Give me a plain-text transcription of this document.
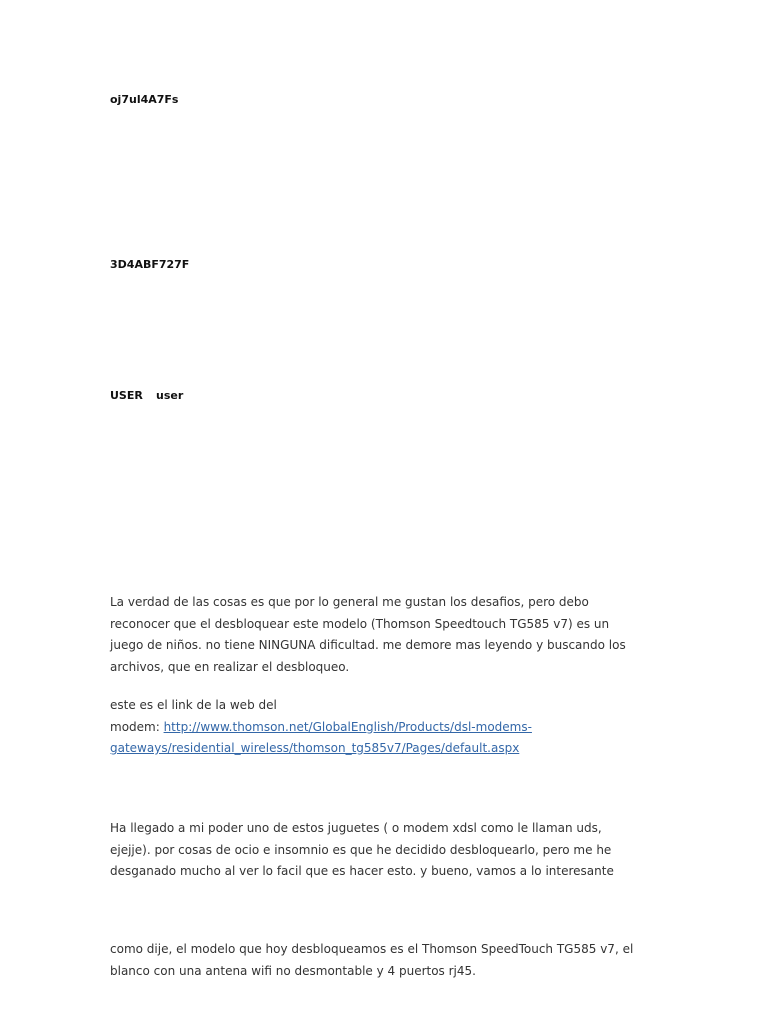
oj7ul4A7Fs

3D4ABF727F

USER user

La verdad de las cosas es que por lo general me gustan los desafios, pero debo
reconocer que el desbloquear este modelo (Thomson Speedtouch TG585 v7) es un
juego de niños. no tiene NINGUNA dificultad. me demore mas leyendo y buscando los
archivos, que en realizar el desbloqueo.
este es el link de la web del
modem: http://www.thomson.net/GlobalEnglish/Products/dsl-modems-
gateways/residential_wireless/thomson_tg585v7/Pages/default.aspx
Ha llegado a mi poder uno de estos juguetes ( o modem xdsl como le llaman uds,
ejejje). por cosas de ocio e insomnio es que he decidido desbloquearlo, pero me he
desganado mucho al ver lo facil que es hacer esto. y bueno, vamos a lo interesante
como dije, el modelo que hoy desbloqueamos es el Thomson SpeedTouch TG585 v7, el
blanco con una antena wifi no desmontable y 4 puertos rj45.
